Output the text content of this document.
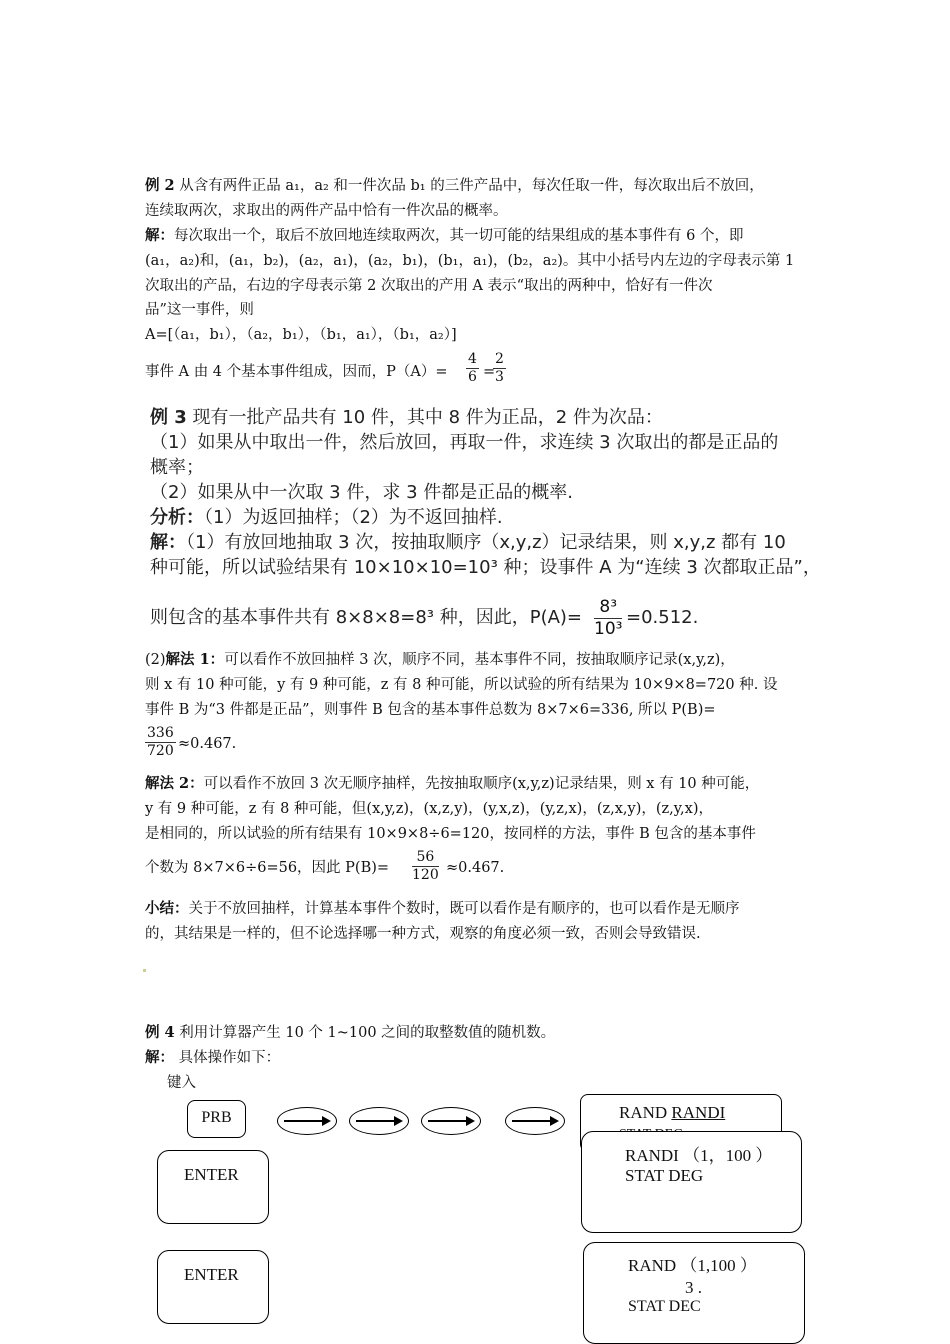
例 2 从含有两件正品 a₁，a₂ 和一件次品 b₁ 的三件产品中，每次任取一件，每次取出后不放回，
连续取两次，求取出的两件产品中恰有一件次品的概率。
解：每次取出一个，取后不放回地连续取两次，其一切可能的结果组成的基本事件有 6 个，即
(a₁，a₂)和，(a₁，b₂)，(a₂，a₁)，(a₂，b₁)，(b₁，a₁)，(b₂，a₂)。其中小括号内左边的字母表示第 1
次取出的产品，右边的字母表示第 2 次取出的产用 A 表示“取出的两种中，恰好有一件次
品”这一事件，则
A=[（a₁，b₁），（a₂，b₁），（b₁，a₁），（b₁，a₂）]
事件 A 由 4 个基本事件组成，因而，$P(A)= \frac{4}{6}$ =
$\frac{2}{3}$
例 3 现有一批产品共有 10 件，其中 8 件为正品，2 件为次品：
（1）如果从中取出一件，然后放回，再取一件，求连续 3 次取出的都是正品的
概率；
（2）如果从中一次取 3 件，求 3 件都是正品的概率.
分析：（1）为返回抽样；（2）为不返回抽样.
解：（1）有放回地抽取 3 次，按抽取顺序（x,y,z）记录结果，则 x,y,z 都有 10
种可能，所以试验结果有 10×10×10=10³ 种；设事件 A 为“连续 3 次都取正品”，
则包含的基本事件共有 8×8×8=8³ 种，因此，$P(A)= \frac{\text{8³}}{\text{10³}} =0.512$.
(2)解法 1：可以看作不放回抽样 3 次，顺序不同，基本事件不同，按抽取顺序记录(x,y,z)，
则 x 有 10 种可能，y 有 9 种可能，z 有 8 种可能，所以试验的所有结果为 10×9×8=720 种. 设
事件 B 为“3 件都是正品”，则事件 B 包含的基本事件总数为 8×7×6=336, 所以 P(B)=
$\frac{336}{720} \approx 0.467$.
解法 2：可以看作不放回 3 次无顺序抽样，先按抽取顺序(x,y,z)记录结果，则 x 有 10 种可能，
y 有 9 种可能，z 有 8 种可能，但(x,y,z)，(x,z,y)，(y,x,z)，(y,z,x)，(z,x,y)，(z,y,x)，
是相同的，所以试验的所有结果有 10×9×8÷6=120，按同样的方法，事件 B 包含的基本事件
个数为 8×7×6÷6=56，因此 $P(B)= \frac{56}{120} \approx 0.467$.
小结：关于不放回抽样，计算基本事件个数时，既可以看作是有顺序的，也可以看作是无顺序
的，其结果是一样的，但不论选择哪一种方式，观察的角度必须一致，否则会导致错误.
例 4 利用计算器产生 10 个 1~100 之间的取整数值的随机数。
解： 具体操作如下：
键入
PRB	RAND RANDI
RANDI （1，100 ）
STAT DEG
ENTER
ENTER	RAND （1,100 ）
3 .
STAT DEC
